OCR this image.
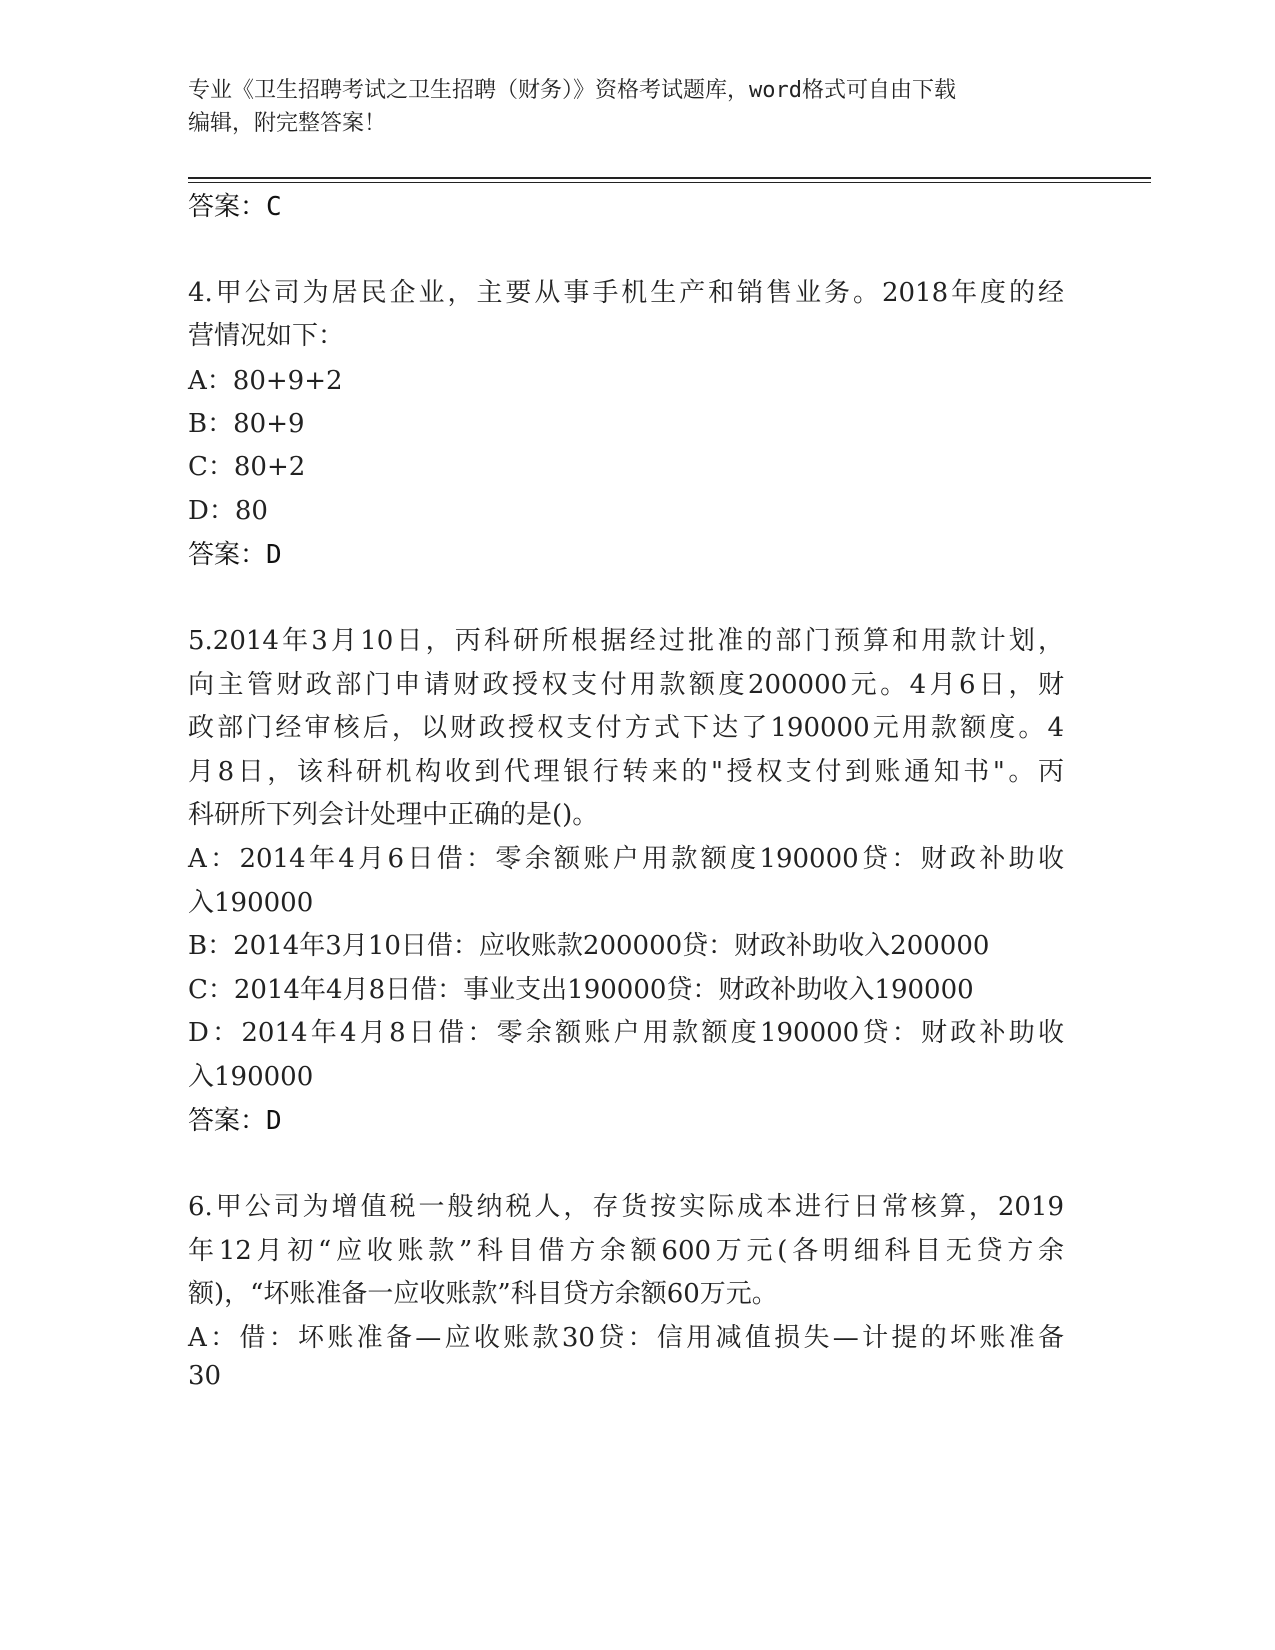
专业《卫生招聘考试之卫生招聘（财务）》资格考试题库，word格式可自由下载
编辑，附完整答案！
答案：C
4.甲公司为居民企业，主要从事手机生产和销售业务。2018年度的经
营情况如下：
A：80+9+2
B：80+9
C：80+2
D：80
答案：D
5.2014年3月10日，丙科研所根据经过批准的部门预算和用款计划，
向主管财政部门申请财政授权支付用款额度200000元。4月6日，财
政部门经审核后，以财政授权支付方式下达了190000元用款额度。4
月8日，该科研机构收到代理银行转来的"授权支付到账通知书"。丙
科研所下列会计处理中正确的是()。
A：2014年4月6日借：零余额账户用款额度190000贷：财政补助收
入190000
B：2014年3月10日借：应收账款200000贷：财政补助收入200000
C：2014年4月8日借：事业支出190000贷：财政补助收入190000
D：2014年4月8日借：零余额账户用款额度190000贷：财政补助收
入190000
答案：D
6.甲公司为增值税一般纳税人，存货按实际成本进行日常核算，2019
年12月初“应收账款”科目借方余额600万元(各明细科目无贷方余
额)，“坏账准备一应收账款”科目贷方余额60万元。
A：借：坏账准备—应收账款30贷：信用减值损失—计提的坏账准备
30
